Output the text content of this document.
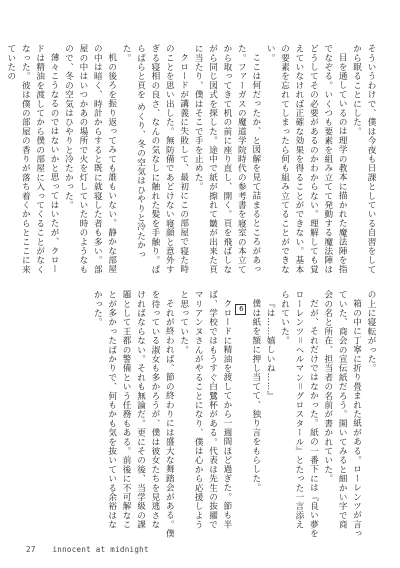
そういうわけで、僕は今夜も日課としている自習をしてから眠ることにした。

目を通しているのは理学の教本に描かれた魔法陣を指でなぞる。いくつも要素を組み立てて発動する魔法陣はどうしてその必要があるのかわからない。理解しても覚えていなければ正確な効果を得ることができない。基本の要素を忘れてしまったら何も組み立てることができない。

ここは何だったか、と図解を見て詰まるところがあった。ファーガスの魔道学院時代の参考書を寝室の本立てから取ってきて机の前に座り直し、開く。頁を飛ばしながら同じ図式を探した。途中で紙が擦れて皺が出来た頁に当たり、僕はそこで手を止めた。

クロードが講義に失敗して、最初にこの部屋で寝た時のことを思い出した。無防備であどけない寝顔と意外すぎる寝相の良さ、なんの気なしに触れた髪を手触り。ぱらぱらと頁を めくり、冬の空気はひやりと冷たかった。

机の後ろを振り返ってみても誰もいない。静かな部屋の中は暗く、時計からすると既に就寝した者も多い。部屋の中はいつかあの場所で火を灯していた時のようなもので、冬の空気はひやりと冷たかった。

薄々こうなるのではないかと思ってはいたが、クロードは精油を渡してから僕の部屋に入ってくることがなくなった。彼は僕の部屋の香りが落ち着くからとここに来ていたの

の上に寝転がった。

箱の中に丁寧に折り畳まれた紙がある。ローレンツが言っていた、商会の宣伝紙だろう。開いてみると細かい字で商会の名と所在、担当者の名前が書かれていた。

だが、それだけではなかった。紙の一番下には『良い夢を　ローレンツ＝ヘルマン＝グロスタール』とたった一言添えられていた。

『は……嬉しいね……』

僕は紙を額に押し当てて、独り言をもらした。

6

クロードに精油を渡してから一週間ほど過ぎた。節も半ば、学校ではもうすぐ白鷺杯がある。代表は先生の抜擢でマリアンヌさんがやることになり、僕は心から応援しようと思っていた。

それが終われば、節の終わりには盛大な舞踏会がある。僕を待っている淑女も多かろうが、僕は彼女たちを見逃さなければならない。それも無論だ。更にその後、当学級の課題として王都の警備という任務もある。前後に不可解なことが多かったばかりで、何もかも気を抜いている余裕はなかった。

27 innocent at midnight
